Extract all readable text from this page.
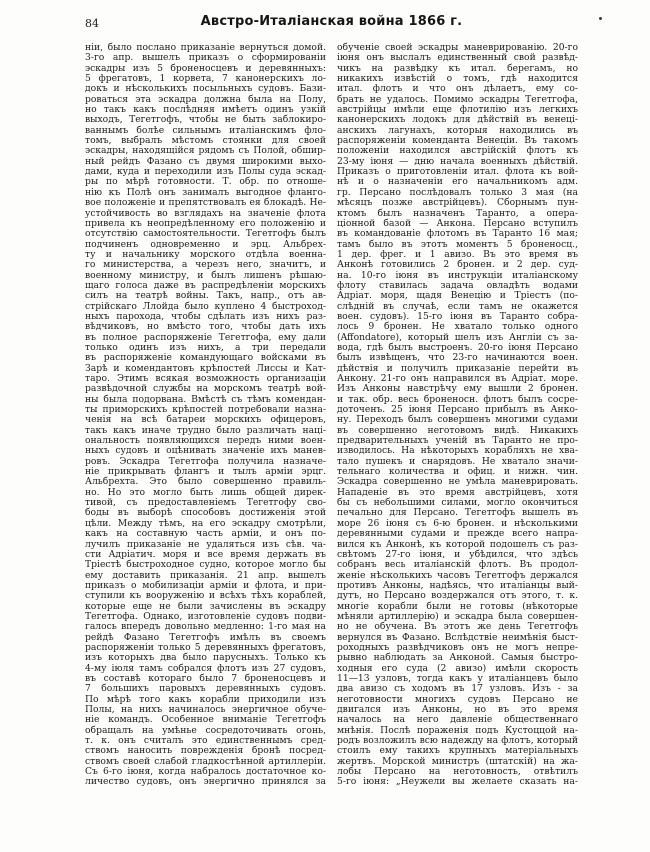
84	Австро-Италіанская война 1866 г.
ніи, было послано приказаніе вернуться домой.
3-го апр. вышелъ приказъ о сформированіи
эскадры изъ 5 броненосцевъ и деревянныхъ:
5 фрегатовъ, 1 корвета, 7 канонерскихъ ло-
докъ и нѣсколькихъ посыльныхъ судовъ. Бази-
роваться эта эскадра должна была на Полу,
но такъ какъ послѣдняя имѣетъ одинъ узкій
выходъ, Тегетгофъ, чтобы не быть заблокиро-
ваннымъ болѣе сильнымъ италіанскимъ фло-
томъ, выбралъ мѣстомъ стоянки для своей
эскадры, находящійся рядомъ съ Полой, обшир-
ный рейдъ Фазано съ двумя широкими выхо-
дами, куда и переходили изъ Полы суда эскад-
ры по мѣрѣ готовности. Т. обр. по отноше-
нію къ Полѣ онъ занималъ выгодное фланго-
вое положеніе и препятствовалъ ея блокадѣ. Не-
устойчивость во взглядахъ на значеніе флота
привела къ неопредѣленному его положенію и
отсутствію самостоятельности. Тегетгофъ былъ
подчиненъ одновременно и эрц. Альбрех-
ту и начальнику морского отдѣла военна-
го министерства, а черезъ него, значитъ, и
военному министру, и былъ лишенъ рѣшаю-
щаго голоса даже въ распредѣленіи морскихъ
силъ на театрѣ войны. Такъ, напр., отъ ав-
стрійскаго Ллойда было куплено 4 быстроход-
ныхъ парохода, чтобы сдѣлать изъ нихъ раз-
вѣдчиковъ, но вмѣсто того, чтобы дать ихъ
въ полное распоряженіе Тегетгофа, ему дали
только одинъ изъ нихъ, а три передали
въ распоряженіе командующаго войсками въ
Зарѣ и комендантовъ крѣпостей Лиссы и Кат-
таро. Этимъ всякая возможность организаціи
развѣдочной службы на морскомъ театрѣ вой-
ны была подорвана. Вмѣстѣ съ тѣмъ комендан-
ты приморскихъ крѣпостей потребовали назна-
ченія на всѣ батареи морскихъ офицеровъ,
такъ какъ иначе трудно было различать наці-
ональность появляющихся передъ ними воен-
ныхъ судовъ и оцѣнивать значеніе ихъ манев-
ровъ. Эскадра Тегетгофа получила назначе-
ніе прикрывать флангъ и тылъ арміи эрцг.
Альбрехта. Это было совершенно правиль-
но. Но это могло быть лишь общей дирек-
тивой, съ предоставленіемъ Тегетгофу сво-
боды въ выборѣ способовъ достиженія этой
цѣли. Между тѣмъ, на его эскадру смотрѣли,
какъ на составную часть арміи, и онъ по-
лучилъ приказаніе не удаляться изъ сѣв. ча-
сти Адріатич. моря и все время держать въ
Тріестѣ быстроходное судно, которое могло бы
ему доставить приказанія. 21 апр. вышелъ
приказъ о мобилизаціи арміи и флота, и при-
ступили къ вооруженію и всѣхъ тѣхъ кораблей,
которые еще не были зачислены въ эскадру
Тегетгофа. Однако, изготовленіе судовъ подви-
галось впередъ довольно медленно: 1-го мая на
рейдѣ Фазано Тегетгофъ имѣлъ въ своемъ
распоряженіи только 5 деревянныхъ фрегатовъ,
изъ которыхъ два было парусныхъ. Только къ
4-му іюля тамъ собрался флотъ изъ 27 судовъ,
въ составѣ котораго было 7 броненосцевъ и
7 большихъ паровыхъ деревянныхъ судовъ.
По мѣрѣ того какъ корабли приходили изъ
Полы, на нихъ начиналось энергичное обуче-
ніе командъ. Особенное вниманіе Тегетгофъ
обращалъ на умѣнье сосредоточивать огонь,
т. к. онъ считалъ это единственнымъ сред-
ствомъ наносить поврежденія бронѣ посред-
ствомъ своей слабой гладкостѣнной артиллеріи.
Съ 6-го іюня, когда набралось достаточное ко-
личество судовъ, онъ энергично принялся за
обученіе своей эскадры маневрированію. 20-го
іюня онъ выслалъ единственный свой развѣд-
чикъ на развѣдку къ итал. берегамъ, но
никакихъ извѣстій о томъ, гдѣ находится
итал. флотъ и что онъ дѣлаетъ, ему со-
брать не удалось. Помимо эскадры Тегетгофа,
австрійцы имѣли еще флотилію изъ легкихъ
канонерскихъ лодокъ для дѣйствій въ венеці-
анскихъ лагунахъ, которыя находились въ
распоряженіи коменданта Венеціи. Въ такомъ
положеніи находился австрійскій флотъ къ
23-му іюня — дню начала военныхъ дѣйствій.
Приказъ о приготовленіи итал. флота къ вой-
нѣ и о назначеніи его начальникомъ адм.
гр. Персано послѣдовалъ только 3 мая (на
мѣсяцъ позже австрійцевъ). Сборнымъ пун-
ктомъ былъ назначенъ Таранто, а опера-
ціонной базой — Анкона. Персано вступилъ
въ командованіе флотомъ въ Таранто 16 мая;
тамъ было въ этотъ моментъ 5 броненосц.,
1 дер. фрег. и 1 авизо. Въ это время въ
Анконѣ готовились 2 бронен. и 2 дер. суд-
на. 10-го іюня въ инструкціи италіанскому
флоту ставилась задача овладѣть водами
Адріат. моря, щадя Венецію и Тріестъ (по-
слѣдній въ случаѣ, если тамъ не окажется
воен. судовъ). 15-го іюня въ Таранто собра-
лось 9 бронен. Не хватало только одного
(Affondatore), который шелъ изъ Англіи съ за-
вода, гдѣ былъ выстроенъ. 20-го іюня Персано
былъ извѣщенъ, что 23-го начинаются воен.
дѣйствія и получилъ приказаніе перейти въ
Анкону. 21-го онъ направился въ Адріат. море.
Изъ Анконы навстрѣчу ему вышли 2 бронен.
и так. обр. весь броненосн. флотъ былъ сосре-
доточенъ. 25 іюня Персано прибылъ въ Анко-
ну. Переходъ былъ совершенъ многими судами
въ совершенно неготовомъ видѣ. Никакихъ
предварительныхъ ученій въ Таранто не про-
изводилось. На нѣкоторыхъ корабляхъ не хва-
тало пушекъ и снарядовъ. Не хватало значи-
тельнаго количества и офиц. и нижн. чин.
Эскадра совершенно не умѣла маневрировать.
Нападеніе въ это время австрійцевъ, хотя
бы съ небольшими силами, могло окончиться
печально для Персано. Тегетгофъ вышелъ въ
море 26 іюня съ 6-ю бронен. и нѣсколькими
деревянными судами и прежде всего напра-
вился къ Анконѣ, къ которой подошелъ съ раз-
свѣтомъ 27-го іюня, и убѣдился, что здѣсь
собранъ весь италіанскій флотъ. Въ продол-
женіе нѣсколькихъ часовъ Тегетгофъ держался
противъ Анконы, надѣясь, что италіанцы вый-
дутъ, но Персано воздержался отъ этого, т. к.
многіе корабли были не готовы (нѣкоторые
мѣняли артиллерію) и эскадра была совершен-
но не обучена. Въ этотъ же день Тегетгофъ
вернулся въ Фазано. Вслѣдствіе неимѣнія быст-
роходныхъ развѣдчиковъ онъ не могъ непре-
рывно наблюдать за Анконой. Самыя быстро-
ходныя его суда (2 авизо) имѣли скорость
11—13 узловъ, тогда какъ у италіанцевъ было
два авизо съ ходомъ въ 17 узловъ. Изъ - за
неготовности многихъ судовъ Персано не
двигался изъ Анконы, но въ это время
началось на него давленіе общественнаго
мнѣнія. Послѣ пораженія подъ Кустоццой на-
родъ возложилъ всю надежду на флотъ, который
стоилъ ему такихъ крупныхъ матеріальныхъ
жертвъ. Морской министръ (штатскій) на жа-
лобы Персано на неготовность, отвѣтилъ
5-го іюня: „Неужели вы желаете сказать на-
